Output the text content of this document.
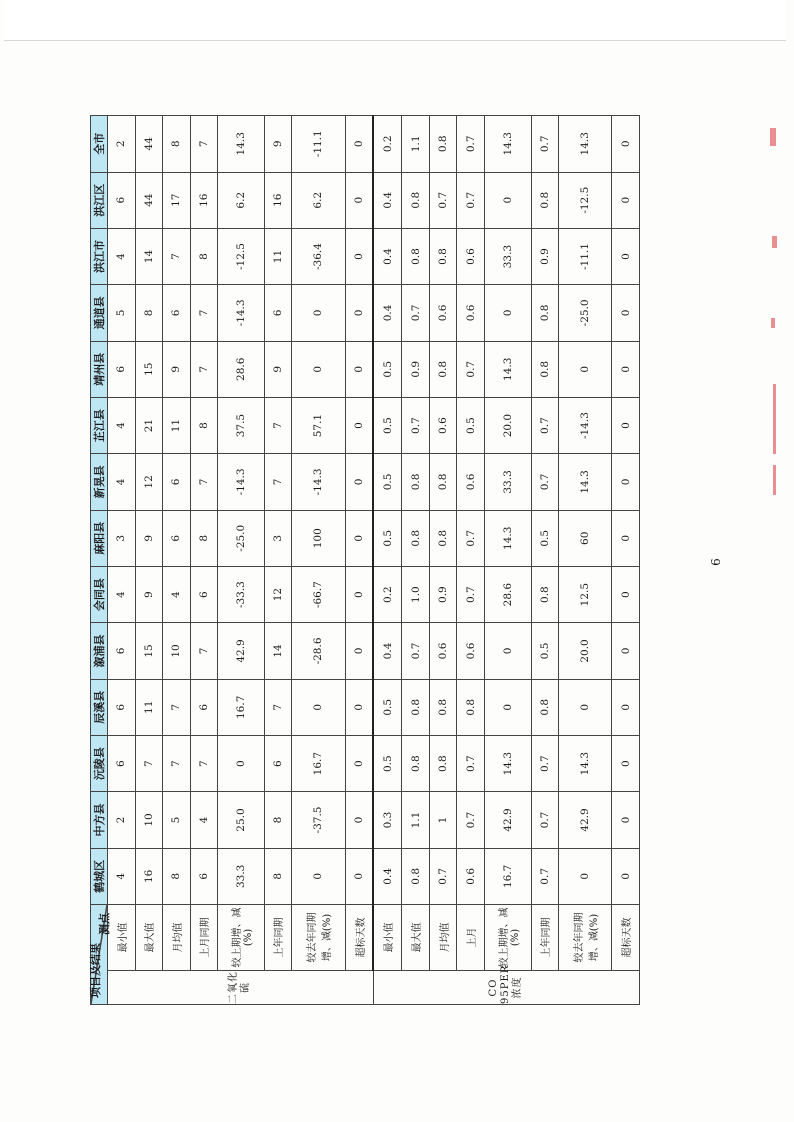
测点
项目及结果		鹤城区	中方县	沅陵县	辰溪县	溆浦县	会同县	麻阳县	新晃县	芷江县	靖州县	通道县	洪江市	洪江区	全市
二氧化硫	最小值	4	2	6	6	6	4	3	4	4	6	5	4	6	2
	最大值	16	10	7	11	15	9	9	12	21	15	8	14	44	44
	月均值	8	5	7	7	10	4	6	6	11	9	6	7	17	8
	上月同期	6	4	7	6	7	6	8	7	8	7	7	8	16	7
	较上期增、减(%)	33.3	25.0	0	16.7	42.9	-33.3	-25.0	-14.3	37.5	28.6	-14.3	-12.5	6.2	14.3
	上年同期	8	8	6	7	14	12	3	7	7	9	6	11	16	9
	较去年同期增、减(%)	0	-37.5	16.7	0	-28.6	-66.7	100	-14.3	57.1	0	0	-36.4	6.2	-11.1
	超标天数	0	0	0	0	0	0	0	0	0	0	0	0	0	0
CO 95PER浓度	最小值	0.4	0.3	0.5	0.5	0.4	0.2	0.5	0.5	0.5	0.5	0.4	0.4	0.4	0.2
	最大值	0.8	1.1	0.8	0.8	0.7	1.0	0.8	0.8	0.7	0.9	0.7	0.8	0.8	1.1
	月均值	0.7	1	0.8	0.8	0.6	0.9	0.8	0.8	0.6	0.8	0.6	0.8	0.7	0.8
	上月	0.6	0.7	0.7	0.8	0.6	0.7	0.7	0.6	0.5	0.7	0.6	0.6	0.7	0.7
	较上期增、减(%)	16.7	42.9	14.3	0	0	28.6	14.3	33.3	20.0	14.3	0	33.3	0	14.3
	上年同期	0.7	0.7	0.7	0.8	0.5	0.8	0.5	0.7	0.7	0.8	0.8	0.9	0.8	0.7
	较去年同期增、减(%)	0	42.9	14.3	0	20.0	12.5	60	14.3	-14.3	0	-25.0	-11.1	-12.5	14.3
	超标天数	0	0	0	0	0	0	0	0	0	0	0	0	0	0
6
